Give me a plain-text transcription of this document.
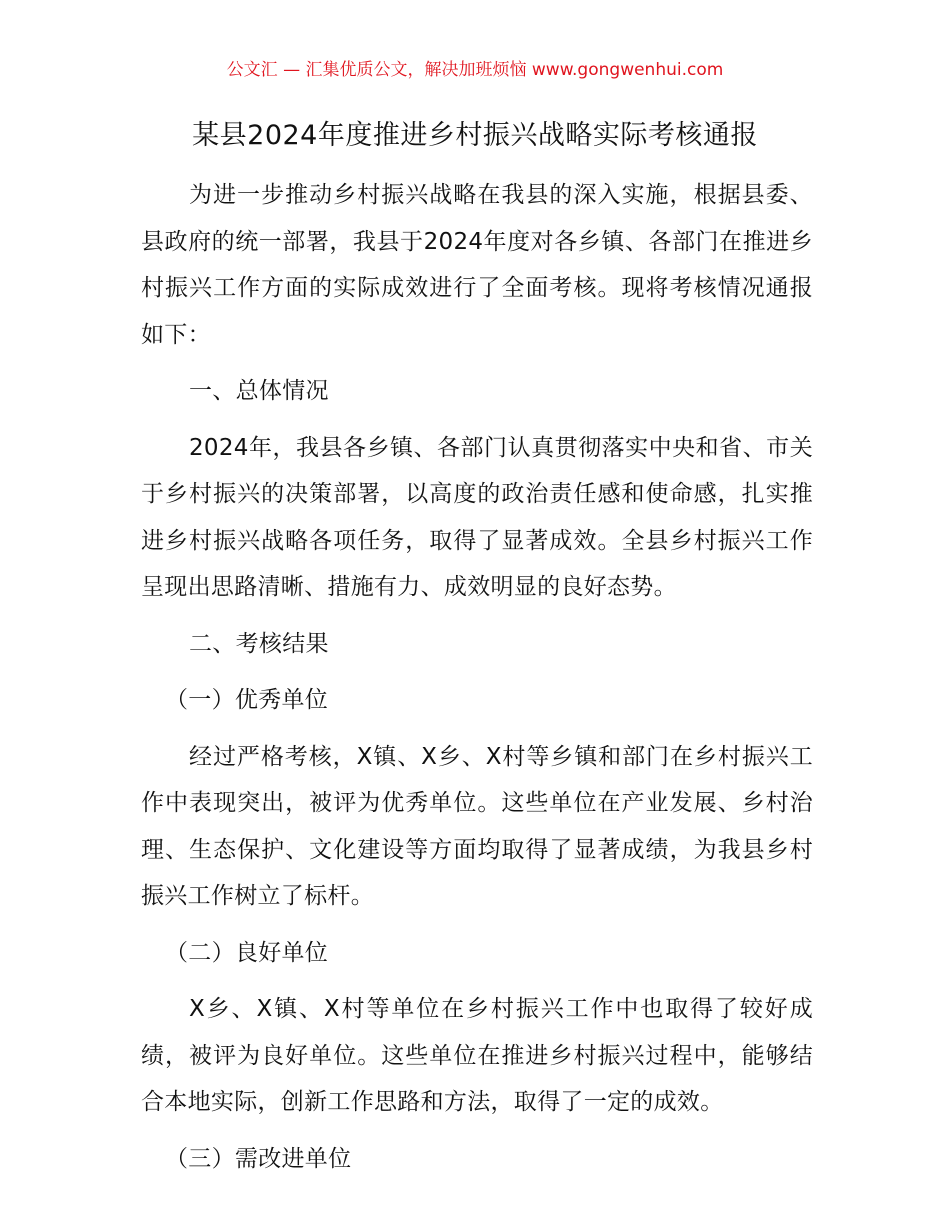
公文汇 — 汇集优质公文，解决加班烦恼 www.gongwenhui.com
某县2024年度推进乡村振兴战略实际考核通报

为进一步推动乡村振兴战略在我县的深入实施，根据县委、县政府的统一部署，我县于2024年度对各乡镇、各部门在推进乡村振兴工作方面的实际成效进行了全面考核。现将考核情况通报如下：

一、总体情况

2024年，我县各乡镇、各部门认真贯彻落实中央和省、市关于乡村振兴的决策部署，以高度的政治责任感和使命感，扎实推进乡村振兴战略各项任务，取得了显著成效。全县乡村振兴工作呈现出思路清晰、措施有力、成效明显的良好态势。

二、考核结果

（一）优秀单位

经过严格考核，X镇、X乡、X村等乡镇和部门在乡村振兴工作中表现突出，被评为优秀单位。这些单位在产业发展、乡村治理、生态保护、文化建设等方面均取得了显著成绩，为我县乡村振兴工作树立了标杆。

（二）良好单位

X乡、X镇、X村等单位在乡村振兴工作中也取得了较好成绩，被评为良好单位。这些单位在推进乡村振兴过程中，能够结合本地实际，创新工作思路和方法，取得了一定的成效。

（三）需改进单位
